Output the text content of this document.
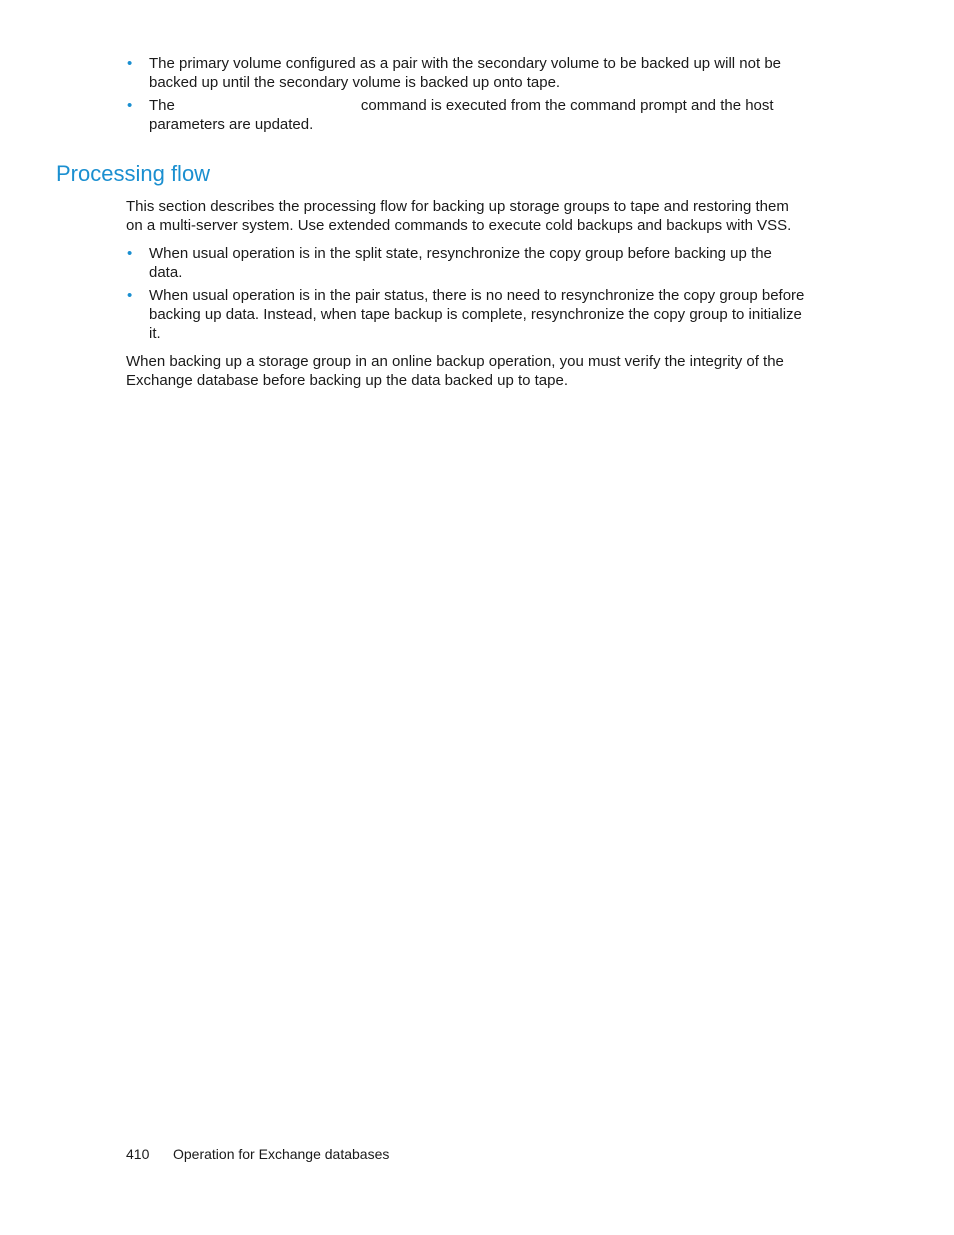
• The primary volume configured as a pair with the secondary volume to be backed up will not be backed up until the secondary volume is backed up onto tape.
• The	command is executed from the command prompt and the host parameters are updated.
Processing flow

This section describes the processing flow for backing up storage groups to tape and restoring them on a multi-server system. Use extended commands to execute cold backups and backups with VSS.

• When usual operation is in the split state, resynchronize the copy group before backing up the data.
• When usual operation is in the pair status, there is no need to resynchronize the copy group before backing up data. Instead, when tape backup is complete, resynchronize the copy group to initialize it.

When backing up a storage group in an online backup operation, you must verify the integrity of the Exchange database before backing up the data backed up to tape.

410 Operation for Exchange databases
